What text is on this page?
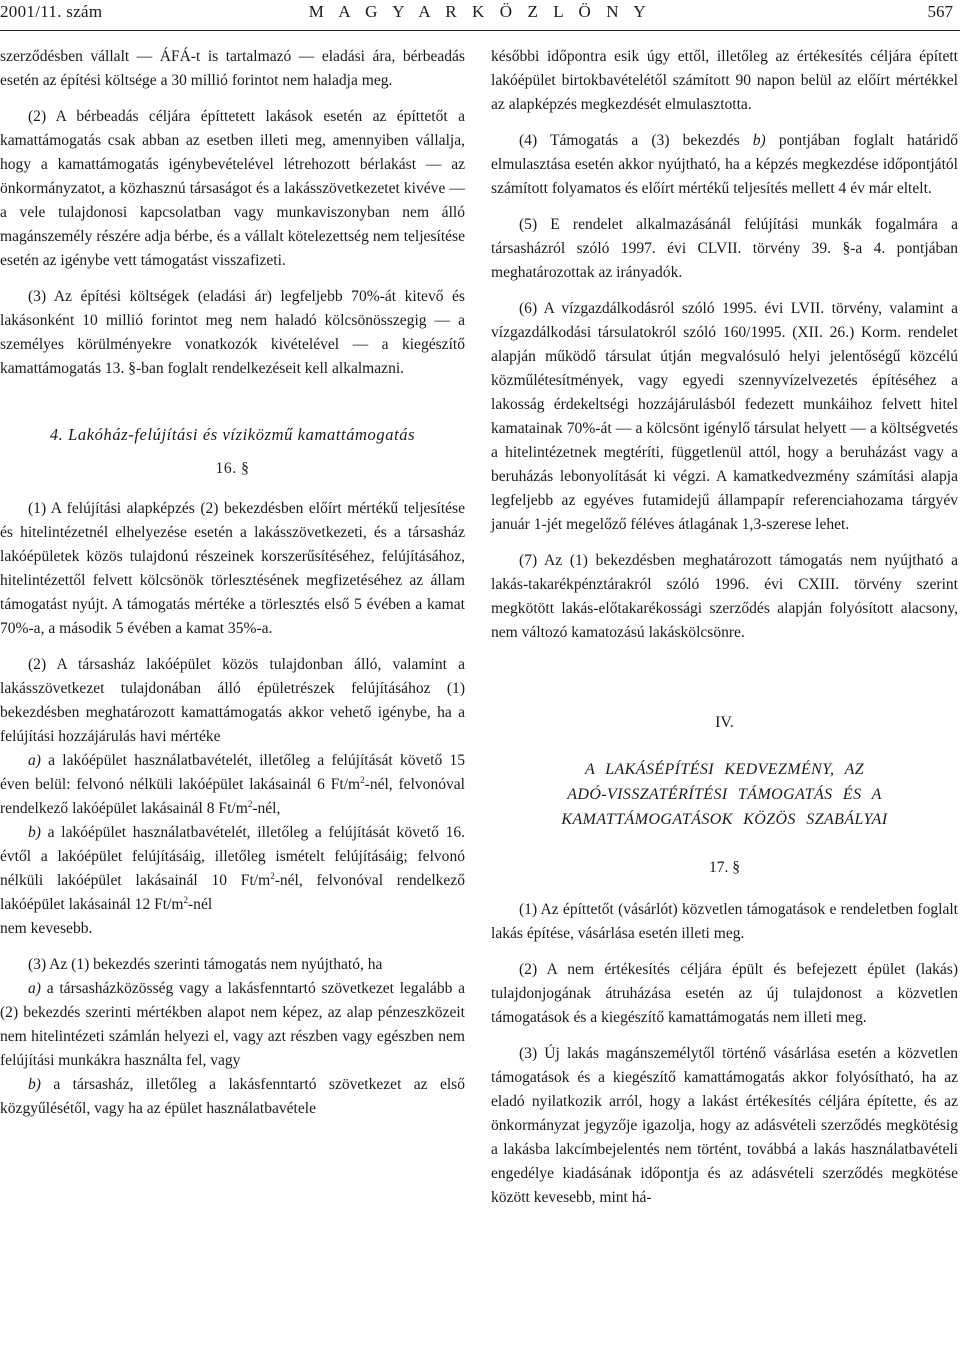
2001/11. szám	M A G Y A R K Ö Z L Ö N Y	567

szerződésben vállalt — ÁFÁ-t is tartalmazó — eladási ára, bérbeadás esetén az építési költsége a 30 millió forintot nem haladja meg.

(2) A bérbeadás céljára építtetett lakások esetén az építtetőt a kamattámogatás csak abban az esetben illeti meg, amennyiben vállalja, hogy a kamattámogatás igénybevételével létrehozott bérlakást — az önkormányzatot, a közhasznú társaságot és a lakásszövetkezetet kivéve — a vele tulajdonosi kapcsolatban vagy munkaviszonyban nem álló magánszemély részére adja bérbe, és a vállalt kötelezettség nem teljesítése esetén az igénybe vett támogatást visszafizeti.

(3) Az építési költségek (eladási ár) legfeljebb 70%-át kitevő és lakásonként 10 millió forintot meg nem haladó kölcsönösszegig — a személyes körülményekre vonatkozók kivételével — a kiegészítő kamattámogatás 13. §-ban foglalt rendelkezéseit kell alkalmazni.

4. Lakóház-felújítási és víziközmű kamattámogatás
16. §

(1) A felújítási alapképzés (2) bekezdésben előírt mértékű teljesítése és hitelintézetnél elhelyezése esetén a lakásszövetkezeti, és a társasház lakóépületek közös tulajdonú részeinek korszerűsítéséhez, felújításához, hitelintézettől felvett kölcsönök törlesztésének megfizetéséhez az állam támogatást nyújt. A támogatás mértéke a törlesztés első 5 évében a kamat 70%-a, a második 5 évében a kamat 35%-a.

(2) A társasház lakóépület közös tulajdonban álló, valamint a lakásszövetkezet tulajdonában álló épületrészek felújításához (1) bekezdésben meghatározott kamattámogatás akkor vehető igénybe, ha a felújítási hozzájárulás havi mértéke

a) a lakóépület használatbavételét, illetőleg a felújítását követő 15 éven belül: felvonó nélküli lakóépület lakásainál 6 $Ft/m^2$-nél, felvonóval rendelkező lakóépület lakásainál 8 $Ft/m^2$-nél,

b) a lakóépület használatbavételét, illetőleg a felújítását követő 16. évtől a lakóépület felújításáig, illetőleg ismételt felújításáig; felvonó nélküli lakóépület lakásainál 10 $Ft/m^2$-nél, felvonóval rendelkező lakóépület lakásainál 12 $Ft/m^2$-nél

nem kevesebb.

(3) Az (1) bekezdés szerinti támogatás nem nyújtható, ha

a) a társasházközösség vagy a lakásfenntartó szövetkezet legalább a (2) bekezdés szerinti mértékben alapot nem képez, az alap pénzeszközeit nem hitelintézeti számlán helyezi el, vagy azt részben vagy egészben nem felújítási munkákra használta fel, vagy

b) a társasház, illetőleg a lakásfenntartó szövetkezet az első közgyűlésétől, vagy ha az épület használatbavétele

későbbi időpontra esik úgy ettől, illetőleg az értékesítés céljára épített lakóépület birtokbavételétől számított 90 napon belül az előírt mértékkel az alapképzés megkezdését elmulasztotta.

(4) Támogatás a (3) bekezdés b) pontjában foglalt határidő elmulasztása esetén akkor nyújtható, ha a képzés megkezdése időpontjától számított folyamatos és előírt mértékű teljesítés mellett 4 év már eltelt.

(5) E rendelet alkalmazásánál felújítási munkák fogalmára a társasházról szóló 1997. évi CLVII. törvény 39. §-a 4. pontjában meghatározottak az irányadók.

(6) A vízgazdálkodásról szóló 1995. évi LVII. törvény, valamint a vízgazdálkodási társulatokról szóló 160/1995. (XII. 26.) Korm. rendelet alapján működő társulat útján megvalósuló helyi jelentőségű közcélú közműlétesítmények, vagy egyedi szennyvízelvezetés építéséhez a lakosság érdekeltségi hozzájárulásból fedezett munkáihoz felvett hitel kamatainak 70%-át — a kölcsönt igénylő társulat helyett — a költségvetés a hitelintézetnek megtéríti, függetlenül attól, hogy a beruházást vagy a beruházás lebonyolítását ki végzi. A kamatkedvezmény számítási alapja legfeljebb az egyéves futamidejű állampapír referenciahozama tárgyév január 1-jét megelőző féléves átlagának 1,3-szerese lehet.

(7) Az (1) bekezdésben meghatározott támogatás nem nyújtható a lakás-takarékpénztárakról szóló 1996. évi CXIII. törvény szerint megkötött lakás-előtakarékossági szerződés alapján folyósított alacsony, nem változó kamatozású lakáskölcsönre.

IV.
A LAKÁSÉPÍTÉSI KEDVEZMÉNY, AZ
ADÓ-VISSZATÉRÍTÉSI TÁMOGATÁS ÉS A
KAMATTÁMOGATÁSOK KÖZÖS SZABÁLYAI
17. §

(1) Az építtetőt (vásárlót) közvetlen támogatások e rendeletben foglalt lakás építése, vásárlása esetén illeti meg.

(2) A nem értékesítés céljára épült és befejezett épület (lakás) tulajdonjogának átruházása esetén az új tulajdonost a közvetlen támogatások és a kiegészítő kamattámogatás nem illeti meg.

(3) Új lakás magánszemélytől történő vásárlása esetén a közvetlen támogatások és a kiegészítő kamattámogatás akkor folyósítható, ha az eladó nyilatkozik arról, hogy a lakást értékesítés céljára építette, és az önkormányzat jegyzője igazolja, hogy az adásvételi szerződés megkötésig a lakásba lakcímbejelentés nem történt, továbbá a lakás használatbavételi engedélye kiadásának időpontja és az adásvételi szerződés megkötése között kevesebb, mint há-
